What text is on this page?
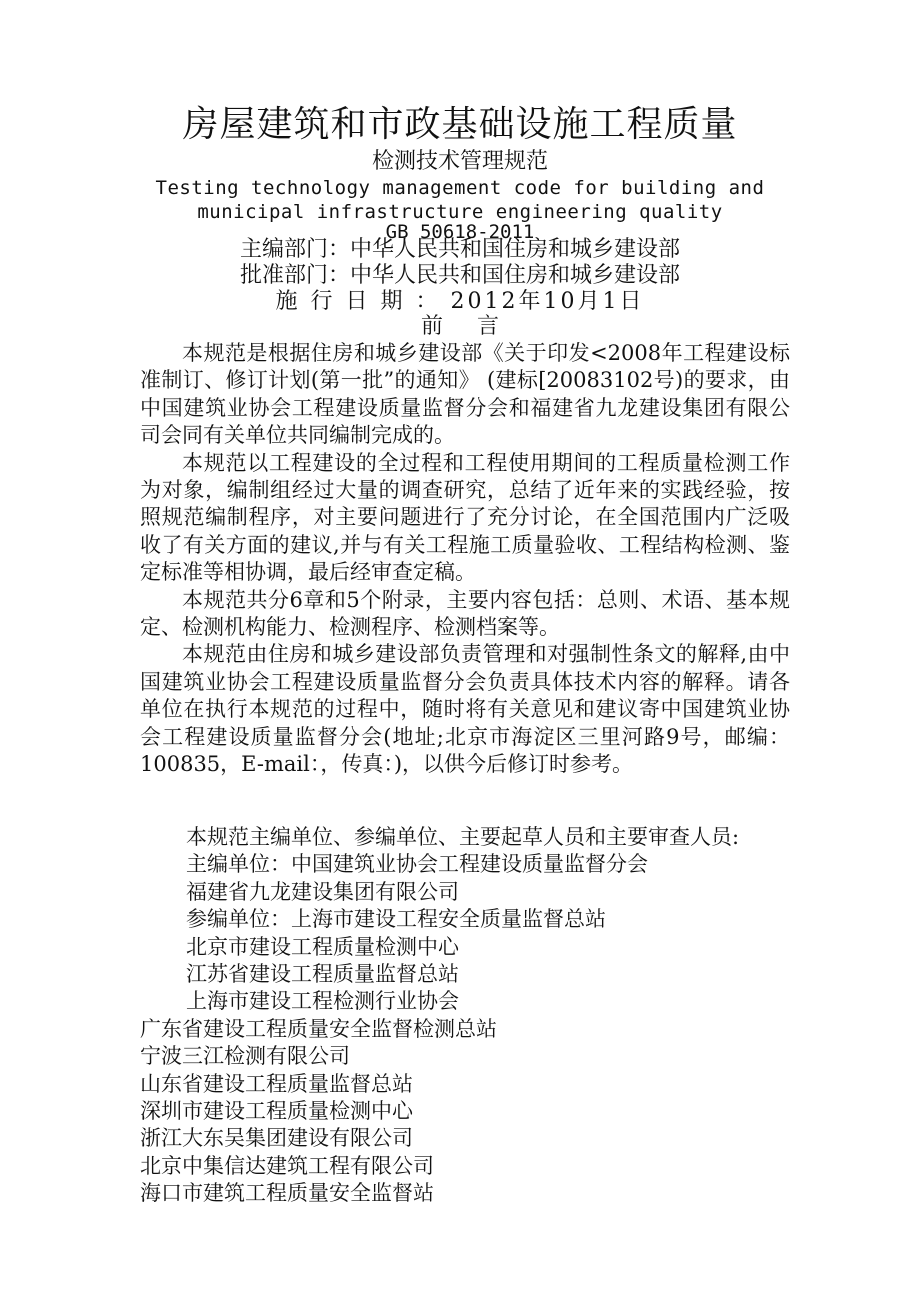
房屋建筑和市政基础设施工程质量
检测技术管理规范
Testing technology management code for building and
municipal infrastructure engineering quality
GB 50618-2011
主编部门：中华人民共和国住房和城乡建设部
批准部门：中华人民共和国住房和城乡建设部
施 行 日 期 ： 2012年10月1日
前言

本规范是根据住房和城乡建设部《关于印发<2008年工程建设标准制订、修订计划(第一批”的通知》 (建标[20083102号)的要求，由中国建筑业协会工程建设质量监督分会和福建省九龙建设集团有限公司会同有关单位共同编制完成的。

本规范以工程建设的全过程和工程使用期间的工程质量检测工作为对象，编制组经过大量的调查研究，总结了近年来的实践经验，按照规范编制程序，对主要问题进行了充分讨论，在全国范围内广泛吸收了有关方面的建议,并与有关工程施工质量验收、工程结构检测、鉴定标准等相协调，最后经审查定稿。

本规范共分6章和5个附录，主要内容包括：总则、术语、基本规定、检测机构能力、检测程序、检测档案等。

本规范由住房和城乡建设部负责管理和对强制性条文的解释,由中国建筑业协会工程建设质量监督分会负责具体技术内容的解释。请各单位在执行本规范的过程中，随时将有关意见和建议寄中国建筑业协会工程建设质量监督分会(地址;北京市海淀区三里河路9号，邮编：100835，E-mail：，传真：)，以供今后修订时参考。

本规范主编单位、参编单位、主要起草人员和主要审查人员:
主编单位：中国建筑业协会工程建设质量监督分会
福建省九龙建设集团有限公司
参编单位：上海市建设工程安全质量监督总站
北京市建设工程质量检测中心
江苏省建设工程质量监督总站
上海市建设工程检测行业协会
广东省建设工程质量安全监督检测总站
宁波三江检测有限公司
山东省建设工程质量监督总站
深圳市建设工程质量检测中心
浙江大东吴集团建设有限公司
北京中集信达建筑工程有限公司
海口市建筑工程质量安全监督站
